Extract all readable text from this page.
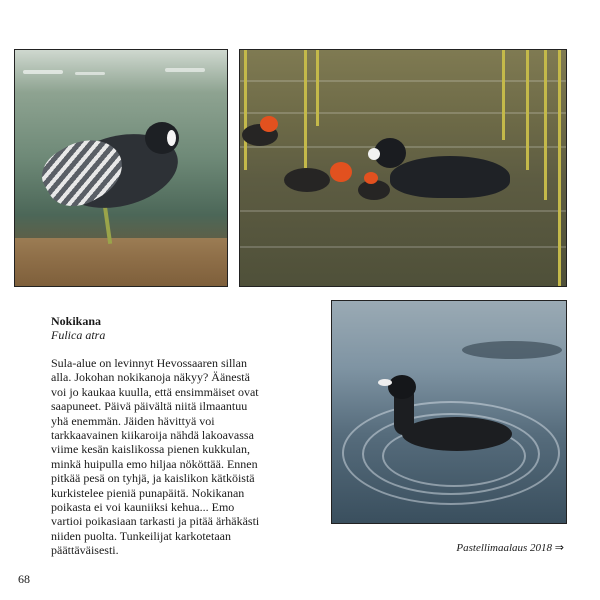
Nokikana
Fulica atra
Sula-alue on levinnyt Hevossaaren sillan
alla. Jokohan nokikanoja näkyy? Äänestä
voi jo kaukaa kuulla, että ensimmäiset ovat
saapuneet. Päivä päivältä niitä ilmaantuu
yhä enemmän. Jäiden hävittyä voi
tarkkaavainen kiikaroija nähdä lakoavassa
viime kesän kaislikossa pienen kukkulan,
minkä huipulla emo hiljaa nököttää. Ennen
pitkää pesä on tyhjä, ja kaislikon kätköistä
kurkistelee pieniä punapäitä. Nokikanan
poikasta ei voi kauniiksi kehua... Emo
vartioi poikasiaan tarkasti ja pitää ärhäkästi
niiden puolta. Tunkeilijat karkotetaan
päättäväisesti.	Pastellimaalaus 2018 ⇒
68
